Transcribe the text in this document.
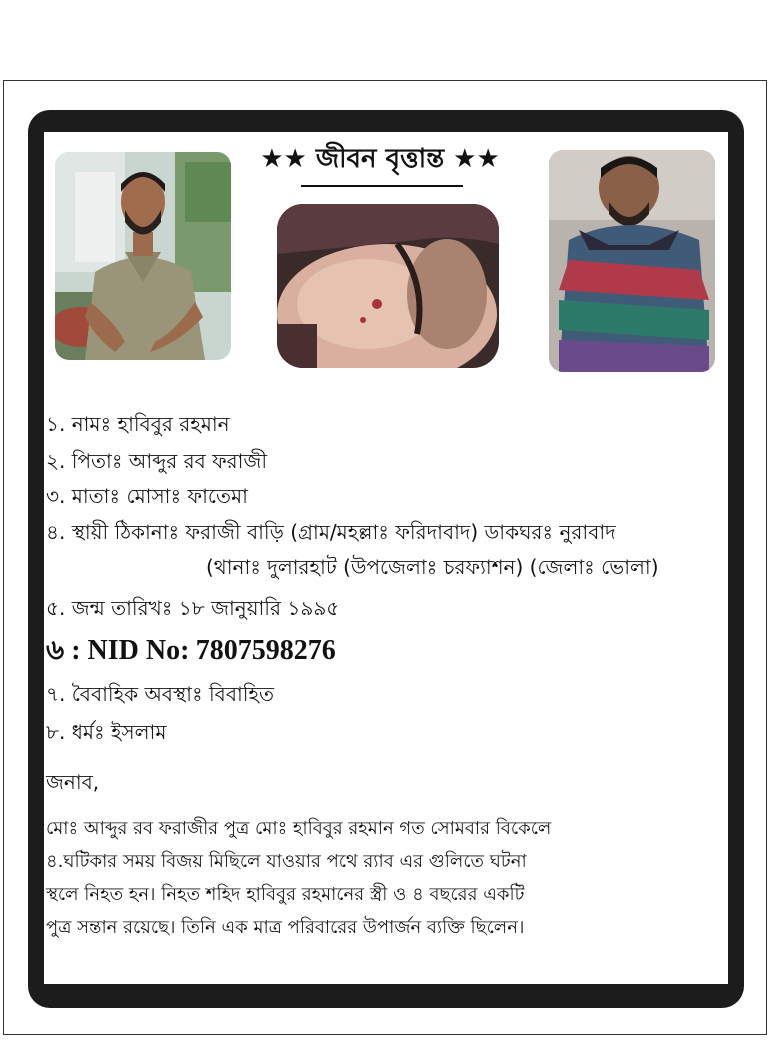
★★ জীবন বৃত্তান্ত ★★
১. নামঃ হাবিবুর রহমান
২. পিতাঃ আব্দুর রব ফরাজী
৩. মাতাঃ মোসাঃ ফাতেমা
৪. স্থায়ী ঠিকানাঃ ফরাজী বাড়ি (গ্রাম/মহল্লাঃ ফরিদাবাদ) ডাকঘরঃ নুরাবাদ
(থানাঃ দুলারহাট (উপজেলাঃ চরফ্যাশন) (জেলাঃ ভোলা)
৫. জন্ম তারিখঃ ১৮ জানুয়ারি ১৯৯৫
৬ : NID No: 7807598276
৭. বৈবাহিক অবস্থাঃ বিবাহিত
৮. ধর্মঃ ইসলাম
জনাব,
মোঃ আব্দুর রব ফরাজীর পুত্র মোঃ হাবিবুর রহমান গত সোমবার বিকেলে
৪.ঘটিকার সময় বিজয় মিছিলে যাওয়ার পথে র‍্যাব এর গুলিতে ঘটনা
স্থলে নিহত হন। নিহত শহিদ হাবিবুর রহমানের স্ত্রী ও ৪ বছরের একটি
পুত্র সন্তান রয়েছে। তিনি এক মাত্র পরিবারের উপার্জন ব্যক্তি ছিলেন।
